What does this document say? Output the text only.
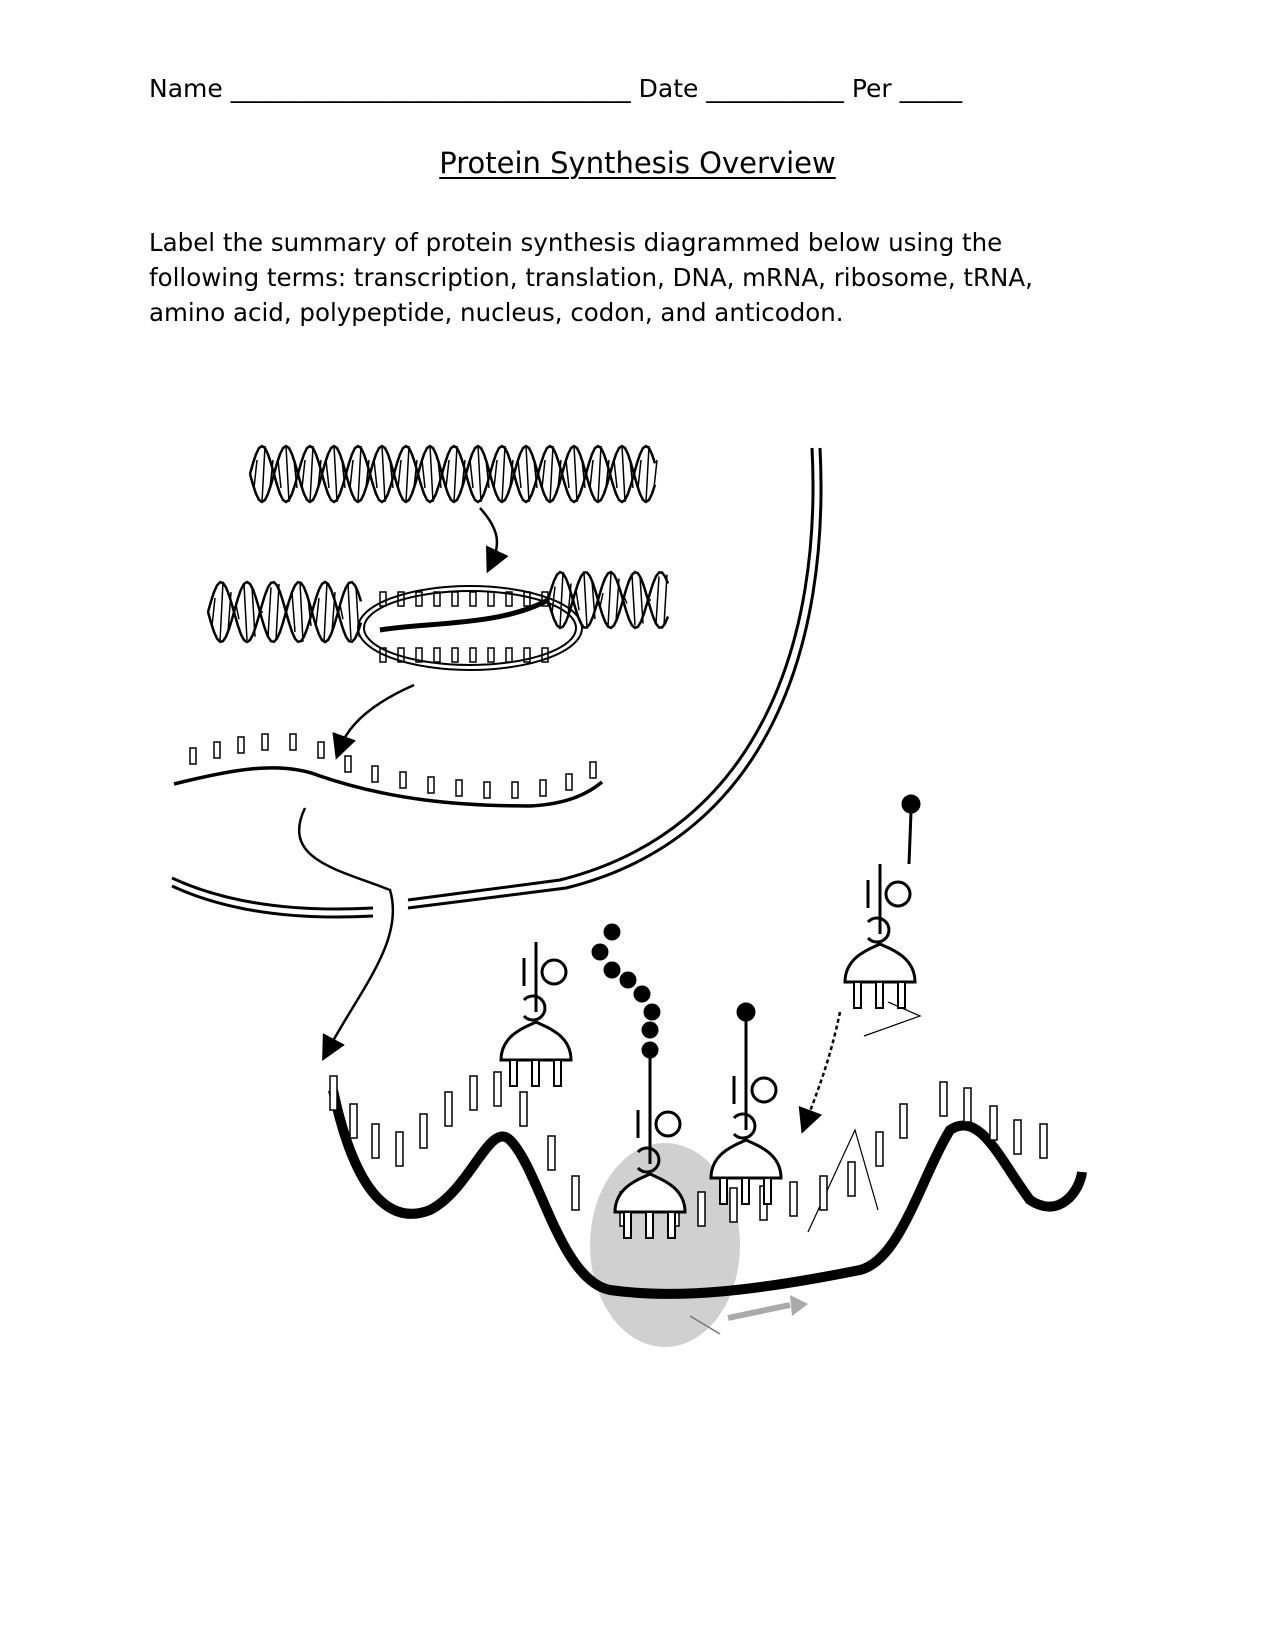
Name ________________________________ Date ___________ Per _____
Protein Synthesis Overview
Label the summary of protein synthesis diagrammed below using the following terms: transcription, translation, DNA, mRNA, ribosome, tRNA, amino acid, polypeptide, nucleus, codon, and anticodon.
